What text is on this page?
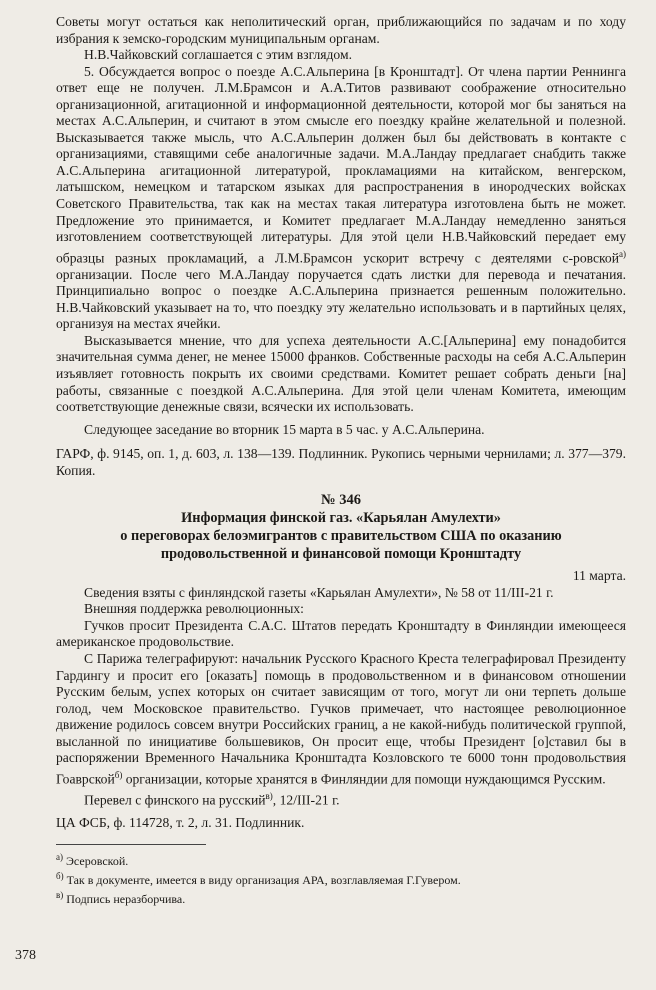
Советы могут остаться как неполитический орган, приближающийся по задачам и по ходу избрания к земско-городским муниципальным органам.

Н.В.Чайковский соглашается с этим взглядом.

5. Обсуждается вопрос о поезде А.С.Альперина [в Кронштадт]. От члена партии Реннинга ответ еще не получен. Л.М.Брамсон и А.А.Титов развивают соображение относительно организационной, агитационной и информационной деятельности, которой мог бы заняться на местах А.С.Альперин, и считают в этом смысле его поездку крайне желательной и полезной. Высказывается также мысль, что А.С.Альперин должен был бы действовать в контакте с организациями, ставящими себе аналогичные задачи. М.А.Ландау предлагает снабдить также А.С.Альперина агитационной литературой, прокламациями на китайском, венгерском, латышском, немецком и татарском языках для распространения в инородческих войсках Советского Правительства, так как на местах такая литература изготовлена быть не может. Предложение это принимается, и Комитет предлагает М.А.Ландау немедленно заняться изготовлением соответствующей литературы. Для этой цели Н.В.Чайковский передает ему образцы разных прокламаций, а Л.М.Брамсон ускорит встречу с деятелями с-ровской$^{а)}$ организации. После чего М.А.Ландау поручается сдать листки для перевода и печатания. Принципиально вопрос о поездке А.С.Альперина признается решенным положительно. Н.В.Чайковский указывает на то, что поездку эту желательно использовать и в партийных целях, организуя на местах ячейки.

Высказывается мнение, что для успеха деятельности А.С.[Альперина] ему понадобится значительная сумма денег, не менее 15000 франков. Собственные расходы на себя А.С.Альперин изъявляет готовность покрыть их своими средствами. Комитет решает собрать деньги [на] работы, связанные с поездкой А.С.Альперина. Для этой цели членам Комитета, имеющим соответствующие денежные связи, всячески их использовать.

Следующее заседание во вторник 15 марта в 5 час. у А.С.Альперина.

ГАРФ, ф. 9145, оп. 1, д. 603, л. 138—139. Подлинник. Рукопись черными чернилами; л. 377—379. Копия.

№ 346

Информация финской газ. «Карьялан Амулехти»

о переговорах белоэмигрантов с правительством США по оказанию

продовольственной и финансовой помощи Кронштадту

11 марта.

Сведения взяты с финляндской газеты «Карьялан Амулехти», № 58 от 11/III-21 г.

Внешняя поддержка революционных:

Гучков просит Президента С.А.С. Штатов передать Кронштадту в Финляндии имеющееся американское продовольствие.

С Парижа телеграфируют: начальник Русского Красного Креста телеграфировал Президенту Гардингу и просит его [оказать] помощь в продовольственном и в финансовом отношении Русским белым, успех которых он считает зависящим от того, могут ли они терпеть дольше голод, чем Московское правительство. Гучков примечает, что настоящее революционное движение родилось совсем внутри Российских границ, а не какой-нибудь политической группой, высланной по инициативе большевиков, Он просит еще, чтобы Президент [о]ставил бы в распоряжении Временного Начальника Кронштадта Козловского те 6000 тонн продовольствия Гоаврской$^{б)}$ организации, которые хранятся в Финляндии для помощи нуждающимся Русским.

Перевел с финского на русский$^{в)}$, 12/III-21 г.

ЦА ФСБ, ф. 114728, т. 2, л. 31. Подлинник.

$^{а)}$ Эсеровской.

$^{б)}$ Так в документе, имеется в виду организация АРА, возглавляемая Г.Гувером.

$^{в)}$ Подпись неразборчива.

378
